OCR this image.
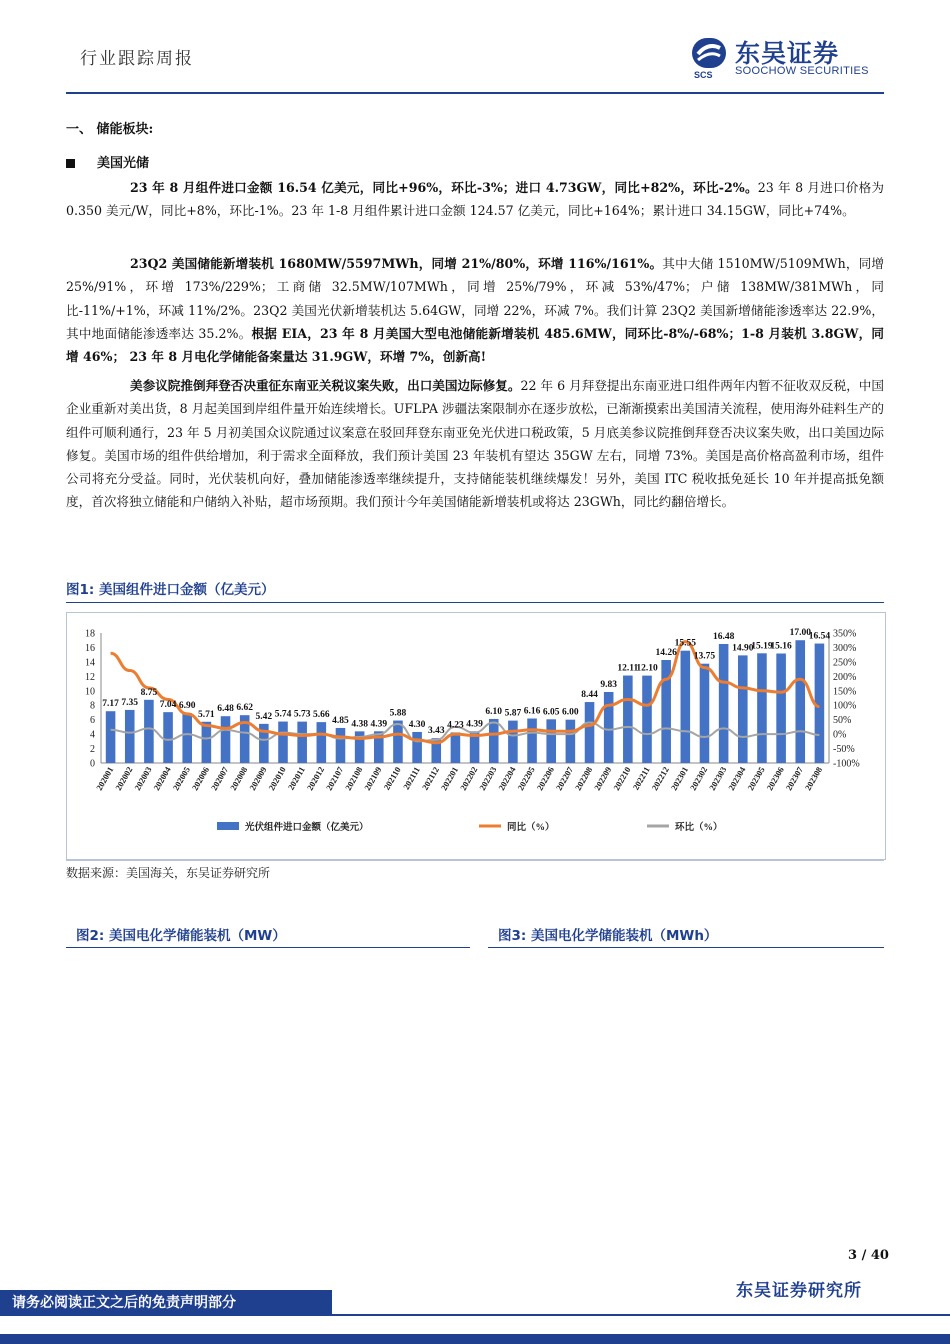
行业跟踪周报
SCS
东吴证券
SOOCHOW SECURITIES
一、 储能板块:
美国光储
23 年 8 月组件进口金额 16.54 亿美元，同比+96%，环比-3%；进口 4.73GW，同比+82%，环比-2%。23 年 8 月进口价格为 0.350 美元/W，同比+8%，环比-1%。23 年 1-8 月组件累计进口金额 124.57 亿美元，同比+164%；累计进口 34.15GW，同比+74%。
23Q2 美国储能新增装机 1680MW/5597MWh，同增 21%/80%，环增 116%/161%。其中大储 1510MW/5109MWh，同增 25%/91%，环增 173%/229%；工商储 32.5MW/107MWh，同增 25%/79%，环减 53%/47%；户储 138MW/381MWh，同比-11%/+1%，环减 11%/2%。23Q2 美国光伏新增装机达 5.64GW，同增 22%，环减 7%。我们计算 23Q2 美国新增储能渗透率达 22.9%，其中地面储能渗透率达 35.2%。根据 EIA，23 年 8 月美国大型电池储能新增装机 485.6MW，同环比-8%/-68%；1-8 月装机 3.8GW，同增 46%； 23 年 8 月电化学储能备案量达 31.9GW，环增 7%，创新高!
美参议院推倒拜登否决重征东南亚关税议案失败，出口美国边际修复。22 年 6 月拜登提出东南亚进口组件两年内暂不征收双反税，中国企业重新对美出货，8 月起美国到岸组件量开始连续增长。UFLPA 涉疆法案限制亦在逐步放松，已渐渐摸索出美国清关流程，使用海外硅料生产的组件可顺利通行，23 年 5 月初美国众议院通过议案意在驳回拜登东南亚免光伏进口税政策，5 月底美参议院推倒拜登否决议案失败，出口美国边际修复。美国市场的组件供给增加，利于需求全面释放，我们预计美国 23 年装机有望达 35GW 左右，同增 73%。美国是高价格高盈利市场，组件公司将充分受益。同时，光伏装机向好，叠加储能渗透率继续提升，支持储能装机继续爆发！另外，美国 ITC 税收抵免延长 10 年并提高抵免额度，首次将独立储能和户储纳入补贴，超市场预期。我们预计今年美国储能新增装机或将达 23GWh，同比约翻倍增长。
图1: 美国组件进口金额（亿美元）
18
16
14
12
10
8
6
4
2
0
350%
300%
250%
200%
150%
100%
50%
0%
-50%
-100%
7.17 7.35
8.75
7.04 6.90
5.71
6.48 6.62
5.42 5.74 5.73 5.66
4.85 4.38 4.39
5.88
4.30
3.43
4.23 4.39
6.10 5.87 6.16 6.05 6.00
8.44
9.83
12.11
12.10
14.26
15.55
13.75
16.48
14.90
15.19
15.16
17.00
16.54
202001
202002
202003
202004
202005
202006
202007
202008
202009
202010
202011
202012
202107
202108
202109
202110
202111
202112
202201
202202
202203
202204
202205
202206
202207
202208
202209
202210
202211
202212
202301
202302
202303
202304
202305
202306
202307
202308
光伏组件进口金额（亿美元）	同比（%）	环比（%）
数据来源：美国海关，东吴证券研究所
图2: 美国电化学储能装机（MW）	图3: 美国电化学储能装机（MWh）
3 / 40
东吴证券研究所
请务必阅读正文之后的免责声明部分
